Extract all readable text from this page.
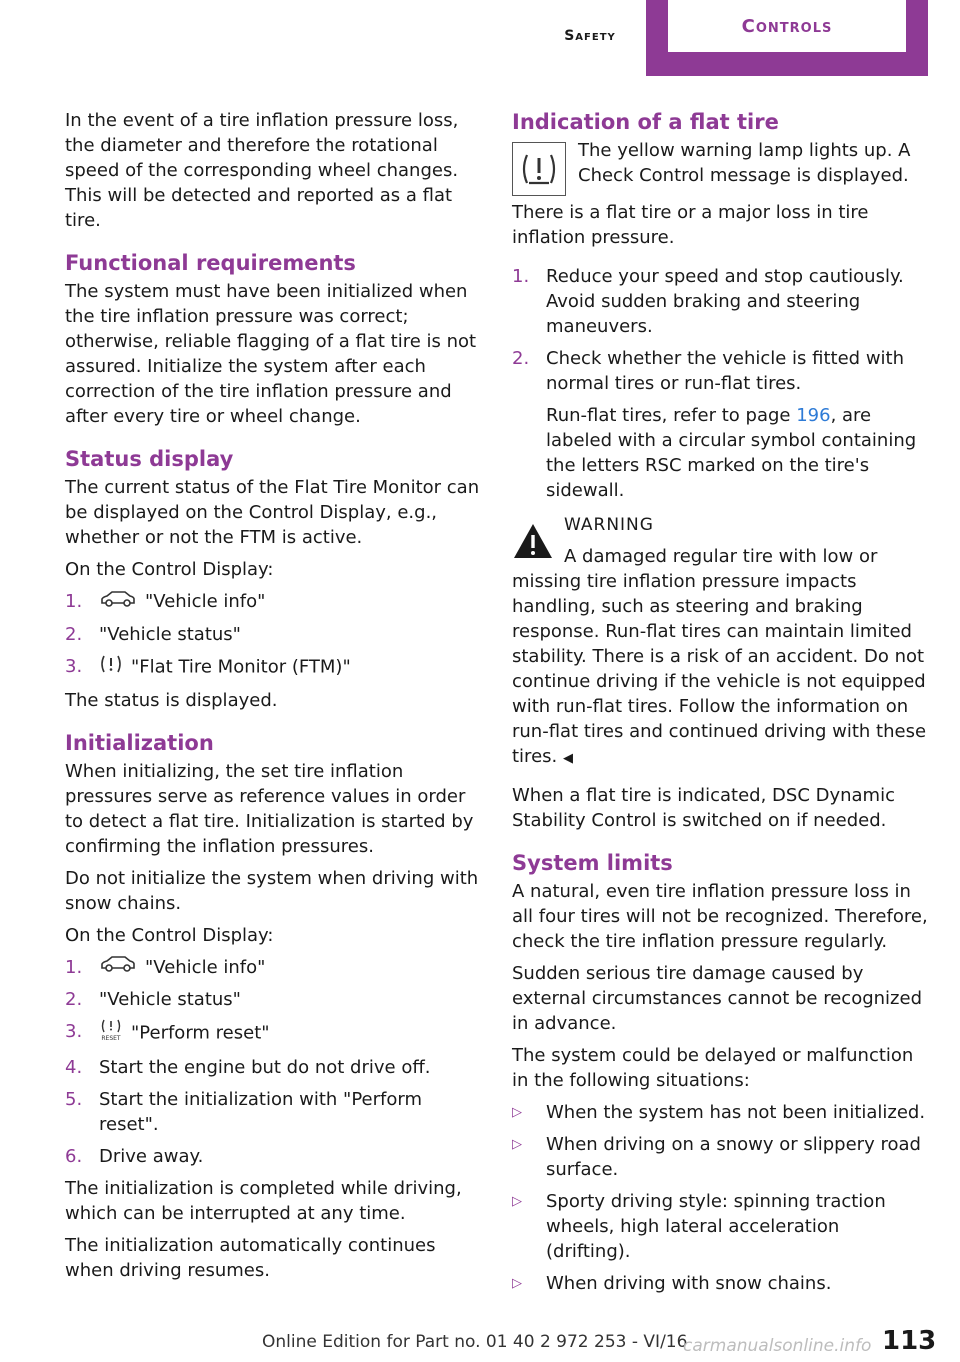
Safety	Controls

In the event of a tire inflation pressure loss, the diameter and therefore the rotational speed of the corresponding wheel changes. This will be detected and reported as a flat tire.

Functional requirements

The system must have been initialized when the tire inflation pressure was correct; otherwise, reliable flagging of a flat tire is not assured. Initialize the system after each correction of the tire inflation pressure and after every tire or wheel change.

Status display

The current status of the Flat Tire Monitor can be displayed on the Control Display, e.g., whether or not the FTM is active.

On the Control Display:

1.	"Vehicle info"
2. "Vehicle status"
3.	"Flat Tire Monitor (FTM)"

The status is displayed.

Initialization

When initializing, the set tire inflation pressures serve as reference values in order to detect a flat tire. Initialization is started by confirming the inflation pressures.

Do not initialize the system when driving with snow chains.

On the Control Display:

1.	"Vehicle info"
2. "Vehicle status"
3.	RESET "Perform reset"
4. Start the engine but do not drive off.
5. Start the initialization with "Perform reset".
6. Drive away.

The initialization is completed while driving, which can be interrupted at any time.

The initialization automatically continues when driving resumes.

Indication of a flat tire

The yellow warning lamp lights up. A Check Control message is displayed.

There is a flat tire or a major loss in tire inflation pressure.

1. Reduce your speed and stop cautiously. Avoid sudden braking and steering maneuvers.
2. Check whether the vehicle is fitted with normal tires or run-flat tires.
Run-flat tires, refer to page 196, are labeled with a circular symbol containing the letters RSC marked on the tire's sidewall.
WARNING

A damaged regular tire with low or missing tire inflation pressure impacts handling, such as steering and braking response. Run-flat tires can maintain limited stability. There is a risk of an accident. Do not continue driving if the vehicle is not equipped with run-flat tires. Follow the information on run-flat tires and continued driving with these tires. ◀

When a flat tire is indicated, DSC Dynamic Stability Control is switched on if needed.

System limits

A natural, even tire inflation pressure loss in all four tires will not be recognized. Therefore, check the tire inflation pressure regularly.

Sudden serious tire damage caused by external circumstances cannot be recognized in advance.

The system could be delayed or malfunction in the following situations:

▷ When the system has not been initialized.
▷ When driving on a snowy or slippery road surface.
▷ Sporty driving style: spinning traction wheels, high lateral acceleration (drifting).
▷ When driving with snow chains.
Online Edition for Part no. 01 40 2 972 253 - VI/16
carmanualsonline.info 113
